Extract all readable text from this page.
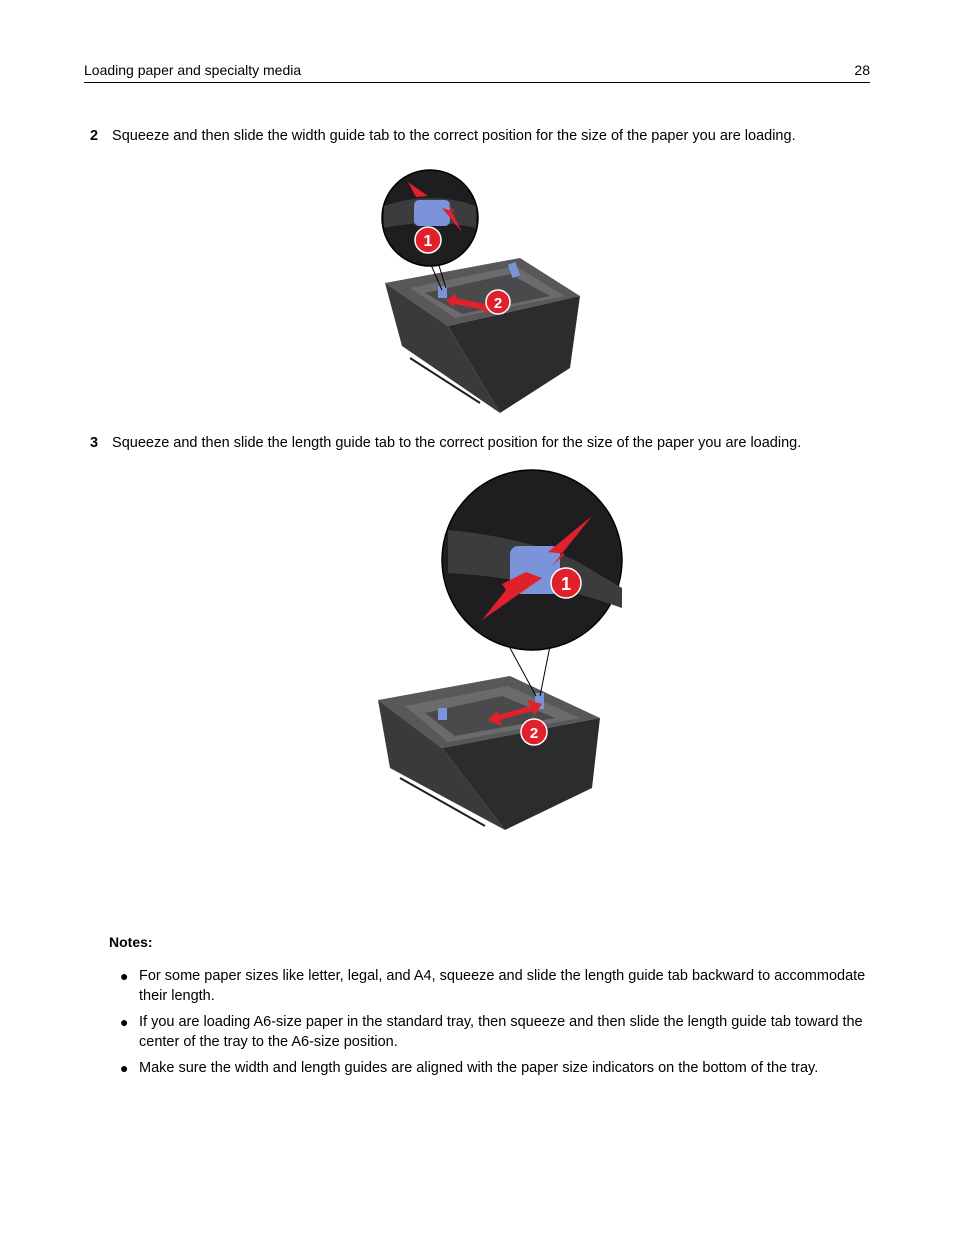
Loading paper and specialty media	28
2 Squeeze and then slide the width guide tab to the correct position for the size of the paper you are loading.
1
2
3 Squeeze and then slide the length guide tab to the correct position for the size of the paper you are loading.
1
2
Notes:
● For some paper sizes like letter, legal, and A4, squeeze and slide the length guide tab backward to accommodate their length.
● If you are loading A6-size paper in the standard tray, then squeeze and then slide the length guide tab toward the center of the tray to the A6-size position.
● Make sure the width and length guides are aligned with the paper size indicators on the bottom of the tray.
